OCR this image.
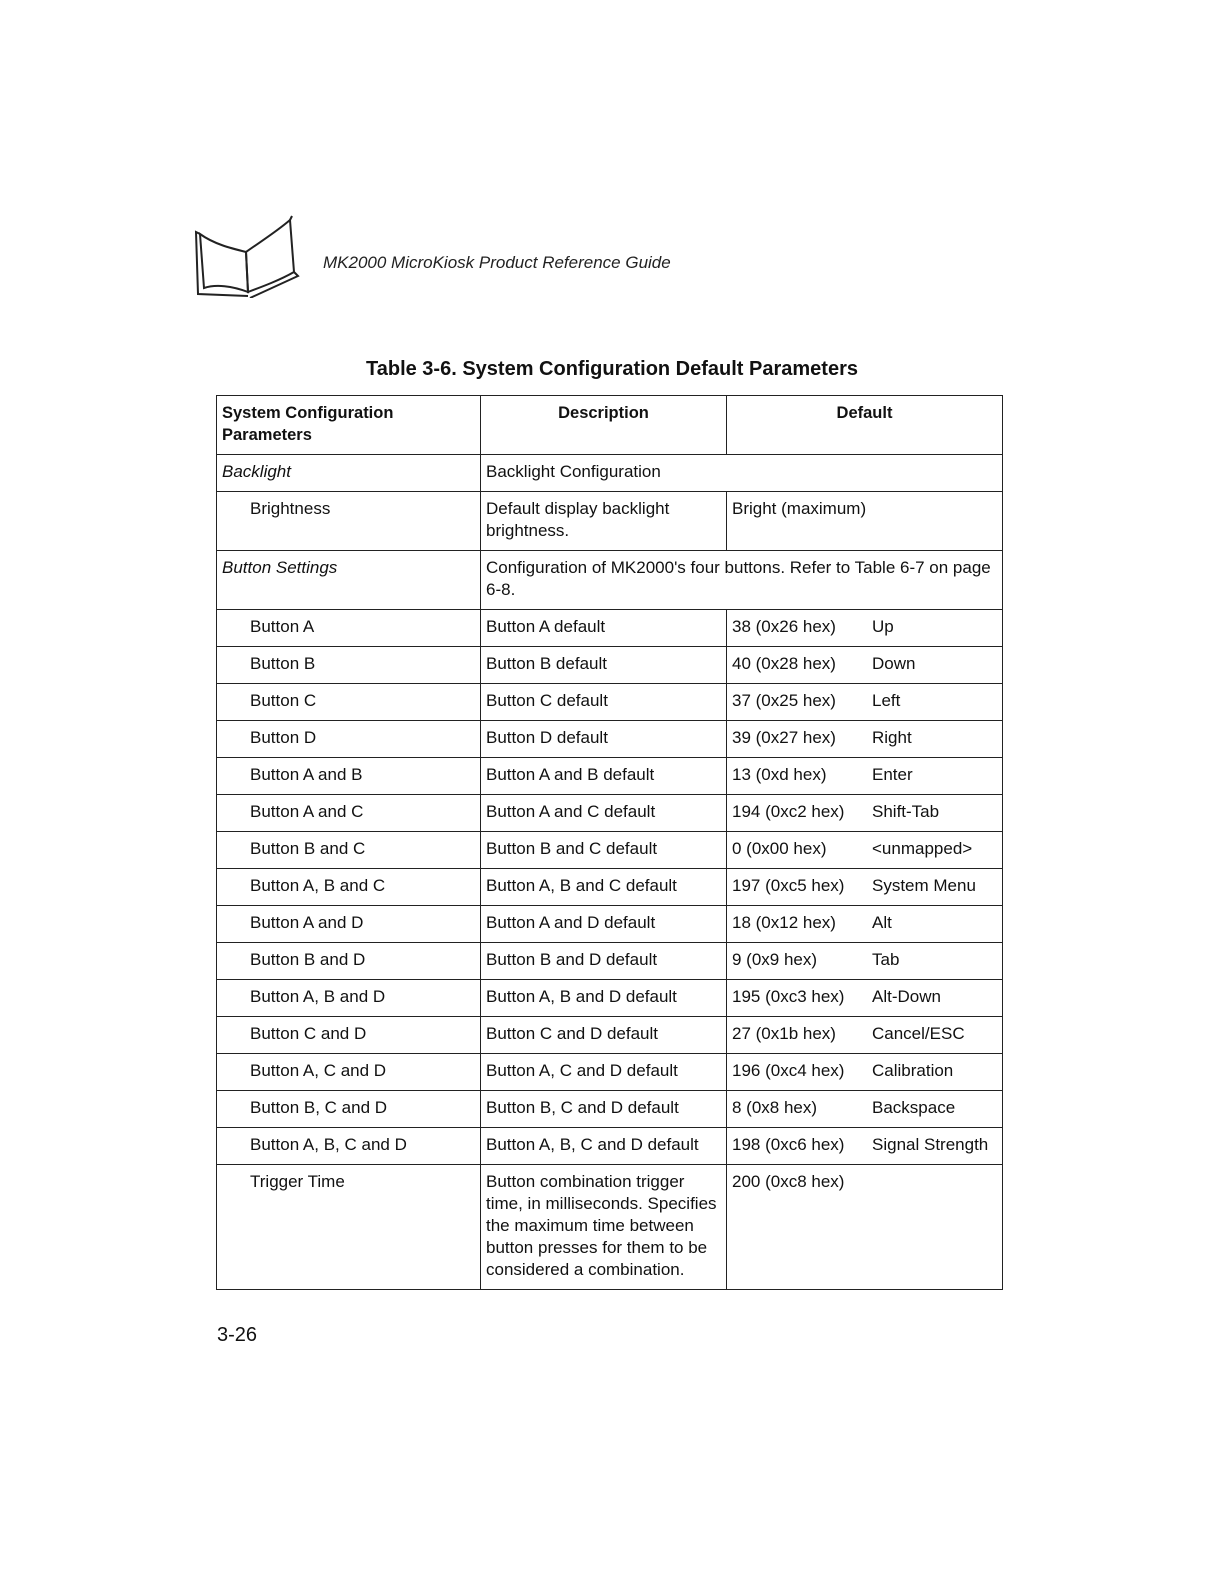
MK2000 MicroKiosk Product Reference Guide
Table 3-6. System Configuration Default Parameters
System Configuration Parameters	Description	Default
Backlight	Backlight Configuration	
Brightness	Default display backlight brightness.	Bright (maximum)
Button Settings	Configuration of MK2000's four buttons. Refer to Table 6-7 on page 6-8.	
Button A	Button A default	38 (0x26 hex) Up

Button B	Button B default	40 (0x28 hex) Down

Button C	Button C default	37 (0x25 hex) Left

Button D	Button D default	39 (0x27 hex) Right

Button A and B	Button A and B default	13 (0xd hex) Enter

Button A and C	Button A and C default	194 (0xc2 hex) Shift-Tab

Button B and C	Button B and C default	0 (0x00 hex) <unmapped>

Button A, B and C	Button A, B and C default	197 (0xc5 hex) System Menu

Button A and D	Button A and D default	18 (0x12 hex) Alt

Button B and D	Button B and D default	9 (0x9 hex) Tab

Button A, B and D	Button A, B and D default	195 (0xc3 hex) Alt-Down

Button C and D	Button C and D default	27 (0x1b hex) Cancel/ESC

Button A, C and D	Button A, C and D default	196 (0xc4 hex) Calibration

Button B, C and D	Button B, C and D default	8 (0x8 hex) Backspace

Button A, B, C and D	Button A, B, C and D default	198 (0xc6 hex) Signal Strength

Trigger Time	Button combination trigger time, in milliseconds. Specifies the maximum time between button presses for them to be considered a combination.	200 (0xc8 hex)
3-26
